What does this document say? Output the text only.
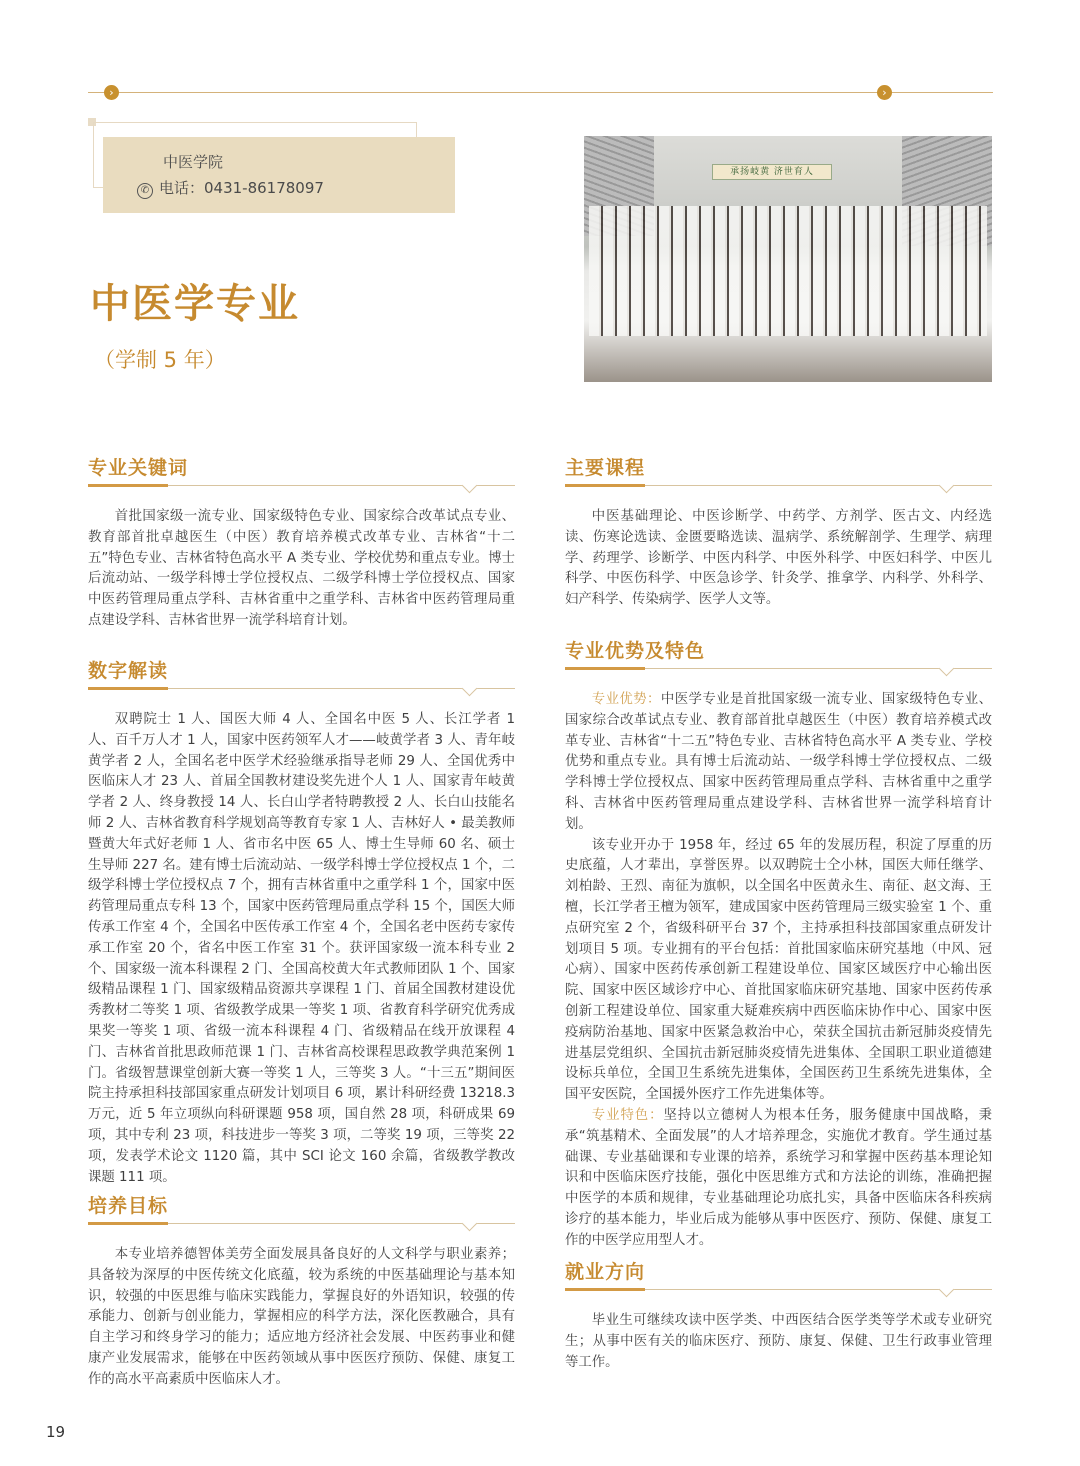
›	›
中医学院
✆ 电话：0431-86178097
中医学专业
（学制 5 年）
承扬岐黄 济世育人
专业关键词

首批国家级一流专业、国家级特色专业、国家综合改革试点专业、教育部首批卓越医生（中医）教育培养模式改革专业、吉林省“十二五”特色专业、吉林省特色高水平 A 类专业、学校优势和重点专业。博士后流动站、一级学科博士学位授权点、二级学科博士学位授权点、国家中医药管理局重点学科、吉林省重中之重学科、吉林省中医药管理局重点建设学科、吉林省世界一流学科培育计划。

数字解读

双聘院士 1 人、国医大师 4 人、全国名中医 5 人、长江学者 1 人、百千万人才 1 人，国家中医药领军人才——岐黄学者 3 人、青年岐黄学者 2 人，全国名老中医学术经验继承指导老师 29 人、全国优秀中医临床人才 23 人、首届全国教材建设奖先进个人 1 人、国家青年岐黄学者 2 人、终身教授 14 人、长白山学者特聘教授 2 人、长白山技能名师 2 人、吉林省教育科学规划高等教育专家 1 人、吉林好人 • 最美教师暨黄大年式好老师 1 人、省市名中医 65 人、博士生导师 60 名、硕士生导师 227 名。建有博士后流动站、一级学科博士学位授权点 1 个，二级学科博士学位授权点 7 个，拥有吉林省重中之重学科 1 个，国家中医药管理局重点专科 13 个，国家中医药管理局重点学科 15 个，国医大师传承工作室 4 个，全国名中医传承工作室 4 个，全国名老中医药专家传承工作室 20 个，省名中医工作室 31 个。获评国家级一流本科专业 2 个、国家级一流本科课程 2 门、全国高校黄大年式教师团队 1 个、国家级精品课程 1 门、国家级精品资源共享课程 1 门、首届全国教材建设优秀教材二等奖 1 项、省级教学成果一等奖 1 项、省教育科学研究优秀成果奖一等奖 1 项、省级一流本科课程 4 门、省级精品在线开放课程 4 门、吉林省首批思政师范课 1 门、吉林省高校课程思政教学典范案例 1 门。省级智慧课堂创新大赛一等奖 1 人，三等奖 3 人。“十三五”期间医院主持承担科技部国家重点研发计划项目 6 项，累计科研经费 13218.3 万元，近 5 年立项纵向科研课题 958 项，国自然 28 项，科研成果 69 项，其中专利 23 项，科技进步一等奖 3 项，二等奖 19 项，三等奖 22 项，发表学术论文 1120 篇，其中 SCI 论文 160 余篇，省级教学教改课题 111 项。

培养目标

本专业培养德智体美劳全面发展具备良好的人文科学与职业素养；具备较为深厚的中医传统文化底蕴，较为系统的中医基础理论与基本知识，较强的中医思维与临床实践能力，掌握良好的外语知识，较强的传承能力、创新与创业能力，掌握相应的科学方法，深化医教融合，具有自主学习和终身学习的能力；适应地方经济社会发展、中医药事业和健康产业发展需求，能够在中医药领域从事中医医疗预防、保健、康复工作的高水平高素质中医临床人才。

主要课程

中医基础理论、中医诊断学、中药学、方剂学、医古文、内经选读、伤寒论选读、金匮要略选读、温病学、系统解剖学、生理学、病理学、药理学、诊断学、中医内科学、中医外科学、中医妇科学、中医儿科学、中医伤科学、中医急诊学、针灸学、推拿学、内科学、外科学、妇产科学、传染病学、医学人文等。

专业优势及特色

专业优势：中医学专业是首批国家级一流专业、国家级特色专业、国家综合改革试点专业、教育部首批卓越医生（中医）教育培养模式改革专业、吉林省“十二五”特色专业、吉林省特色高水平 A 类专业、学校优势和重点专业。具有博士后流动站、一级学科博士学位授权点、二级学科博士学位授权点、国家中医药管理局重点学科、吉林省重中之重学科、吉林省中医药管理局重点建设学科、吉林省世界一流学科培育计划。

该专业开办于 1958 年，经过 65 年的发展历程，积淀了厚重的历史底蕴，人才辈出，享誉医界。以双聘院士仝小林，国医大师任继学、刘柏龄、王烈、南征为旗帜，以全国名中医黄永生、南征、赵文海、王檀，长江学者王檀为领军，建成国家中医药管理局三级实验室 1 个、重点研究室 2 个，省级科研平台 37 个，主持承担科技部国家重点研发计划项目 5 项。专业拥有的平台包括：首批国家临床研究基地（中风、冠心病）、国家中医药传承创新工程建设单位、国家区域医疗中心输出医院、国家中医区域诊疗中心、首批国家临床研究基地、国家中医药传承创新工程建设单位、国家重大疑难疾病中西医临床协作中心、国家中医疫病防治基地、国家中医紧急救治中心，荣获全国抗击新冠肺炎疫情先进基层党组织、全国抗击新冠肺炎疫情先进集体、全国职工职业道德建设标兵单位，全国卫生系统先进集体，全国医药卫生系统先进集体，全国平安医院，全国援外医疗工作先进集体等。

专业特色：坚持以立德树人为根本任务，服务健康中国战略，秉承“筑基精术、全面发展”的人才培养理念，实施优才教育。学生通过基础课、专业基础课和专业课的培养，系统学习和掌握中医药基本理论知识和中医临床医疗技能，强化中医思维方式和方法论的训练，准确把握中医学的本质和规律，专业基础理论功底扎实，具备中医临床各科疾病诊疗的基本能力，毕业后成为能够从事中医医疗、预防、保健、康复工作的中医学应用型人才。

就业方向

毕业生可继续攻读中医学类、中西医结合医学类等学术或专业研究生；从事中医有关的临床医疗、预防、康复、保健、卫生行政事业管理等工作。

19
